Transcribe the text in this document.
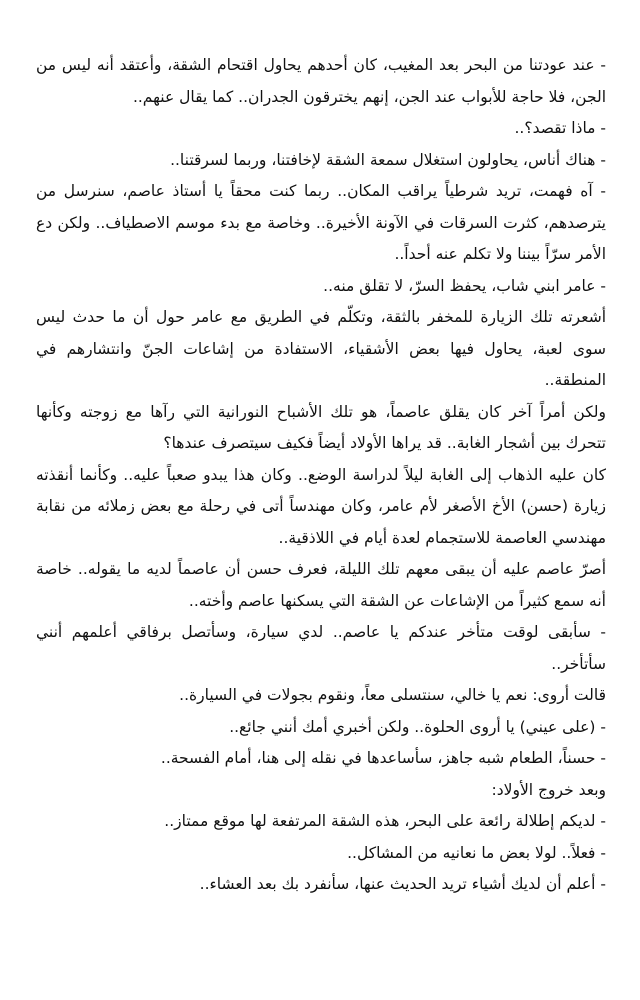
- عند عودتنا من البحر بعد المغيب، كان أحدهم يحاول اقتحام الشقة، وأعتقد أنه ليس من الجن، فلا حاجة للأبواب عند الجن، إنهم يخترقون الجدران.. كما يقال عنهم..

- ماذا تقصد؟..

- هناك أناس، يحاولون استغلال سمعة الشقة لإخافتنا، وربما لسرقتنا..

- آه فهمت، تريد شرطياً يراقب المكان.. ربما كنت محقاً يا أستاذ عاصم، سنرسل من يترصدهم، كثرت السرقات في الآونة الأخيرة.. وخاصة مع بدء موسم الاصطياف.. ولكن دع الأمر سرّاً بيننا ولا تكلم عنه أحداً..

- عامر ابني شاب، يحفظ السرّ، لا تقلق منه..

أشعرته تلك الزيارة للمخفر بالثقة، وتكلّم في الطريق مع عامر حول أن ما حدث ليس سوى لعبة، يحاول فيها بعض الأشقياء، الاستفادة من إشاعات الجنّ وانتشارهم في المنطقة..

ولكن أمراً آخر كان يقلق عاصماً، هو تلك الأشباح النورانية التي رآها مع زوجته وكأنها تتحرك بين أشجار الغابة.. قد يراها الأولاد أيضاً فكيف سيتصرف عندها؟

كان عليه الذهاب إلى الغابة ليلاً لدراسة الوضع.. وكان هذا يبدو صعباً عليه.. وكأنما أنقذته زيارة (حسن) الأخ الأصغر لأم عامر، وكان مهندساً أتى في رحلة مع بعض زملائه من نقابة مهندسي العاصمة للاستجمام لعدة أيام في اللاذقية..

أصرّ عاصم عليه أن يبقى معهم تلك الليلة، فعرف حسن أن عاصماً لديه ما يقوله.. خاصة أنه سمع كثيراً من الإشاعات عن الشقة التي يسكنها عاصم وأخته..

- سأبقى لوقت متأخر عندكم يا عاصم.. لدي سيارة، وسأتصل برفاقي أعلمهم أنني سأتأخر..

قالت أروى: نعم يا خالي، سنتسلى معاً، ونقوم بجولات في السيارة..

- (على عيني) يا أروى الحلوة.. ولكن أخبري أمك أنني جائع..

- حسناً، الطعام شبه جاهز، سأساعدها في نقله إلى هنا، أمام الفسحة..

وبعد خروج الأولاد:

- لديكم إطلالة رائعة على البحر، هذه الشقة المرتفعة لها موقع ممتاز..

- فعلاً.. لولا بعض ما نعانيه من المشاكل..

- أعلم أن لديك أشياء تريد الحديث عنها، سأنفرد بك بعد العشاء..
